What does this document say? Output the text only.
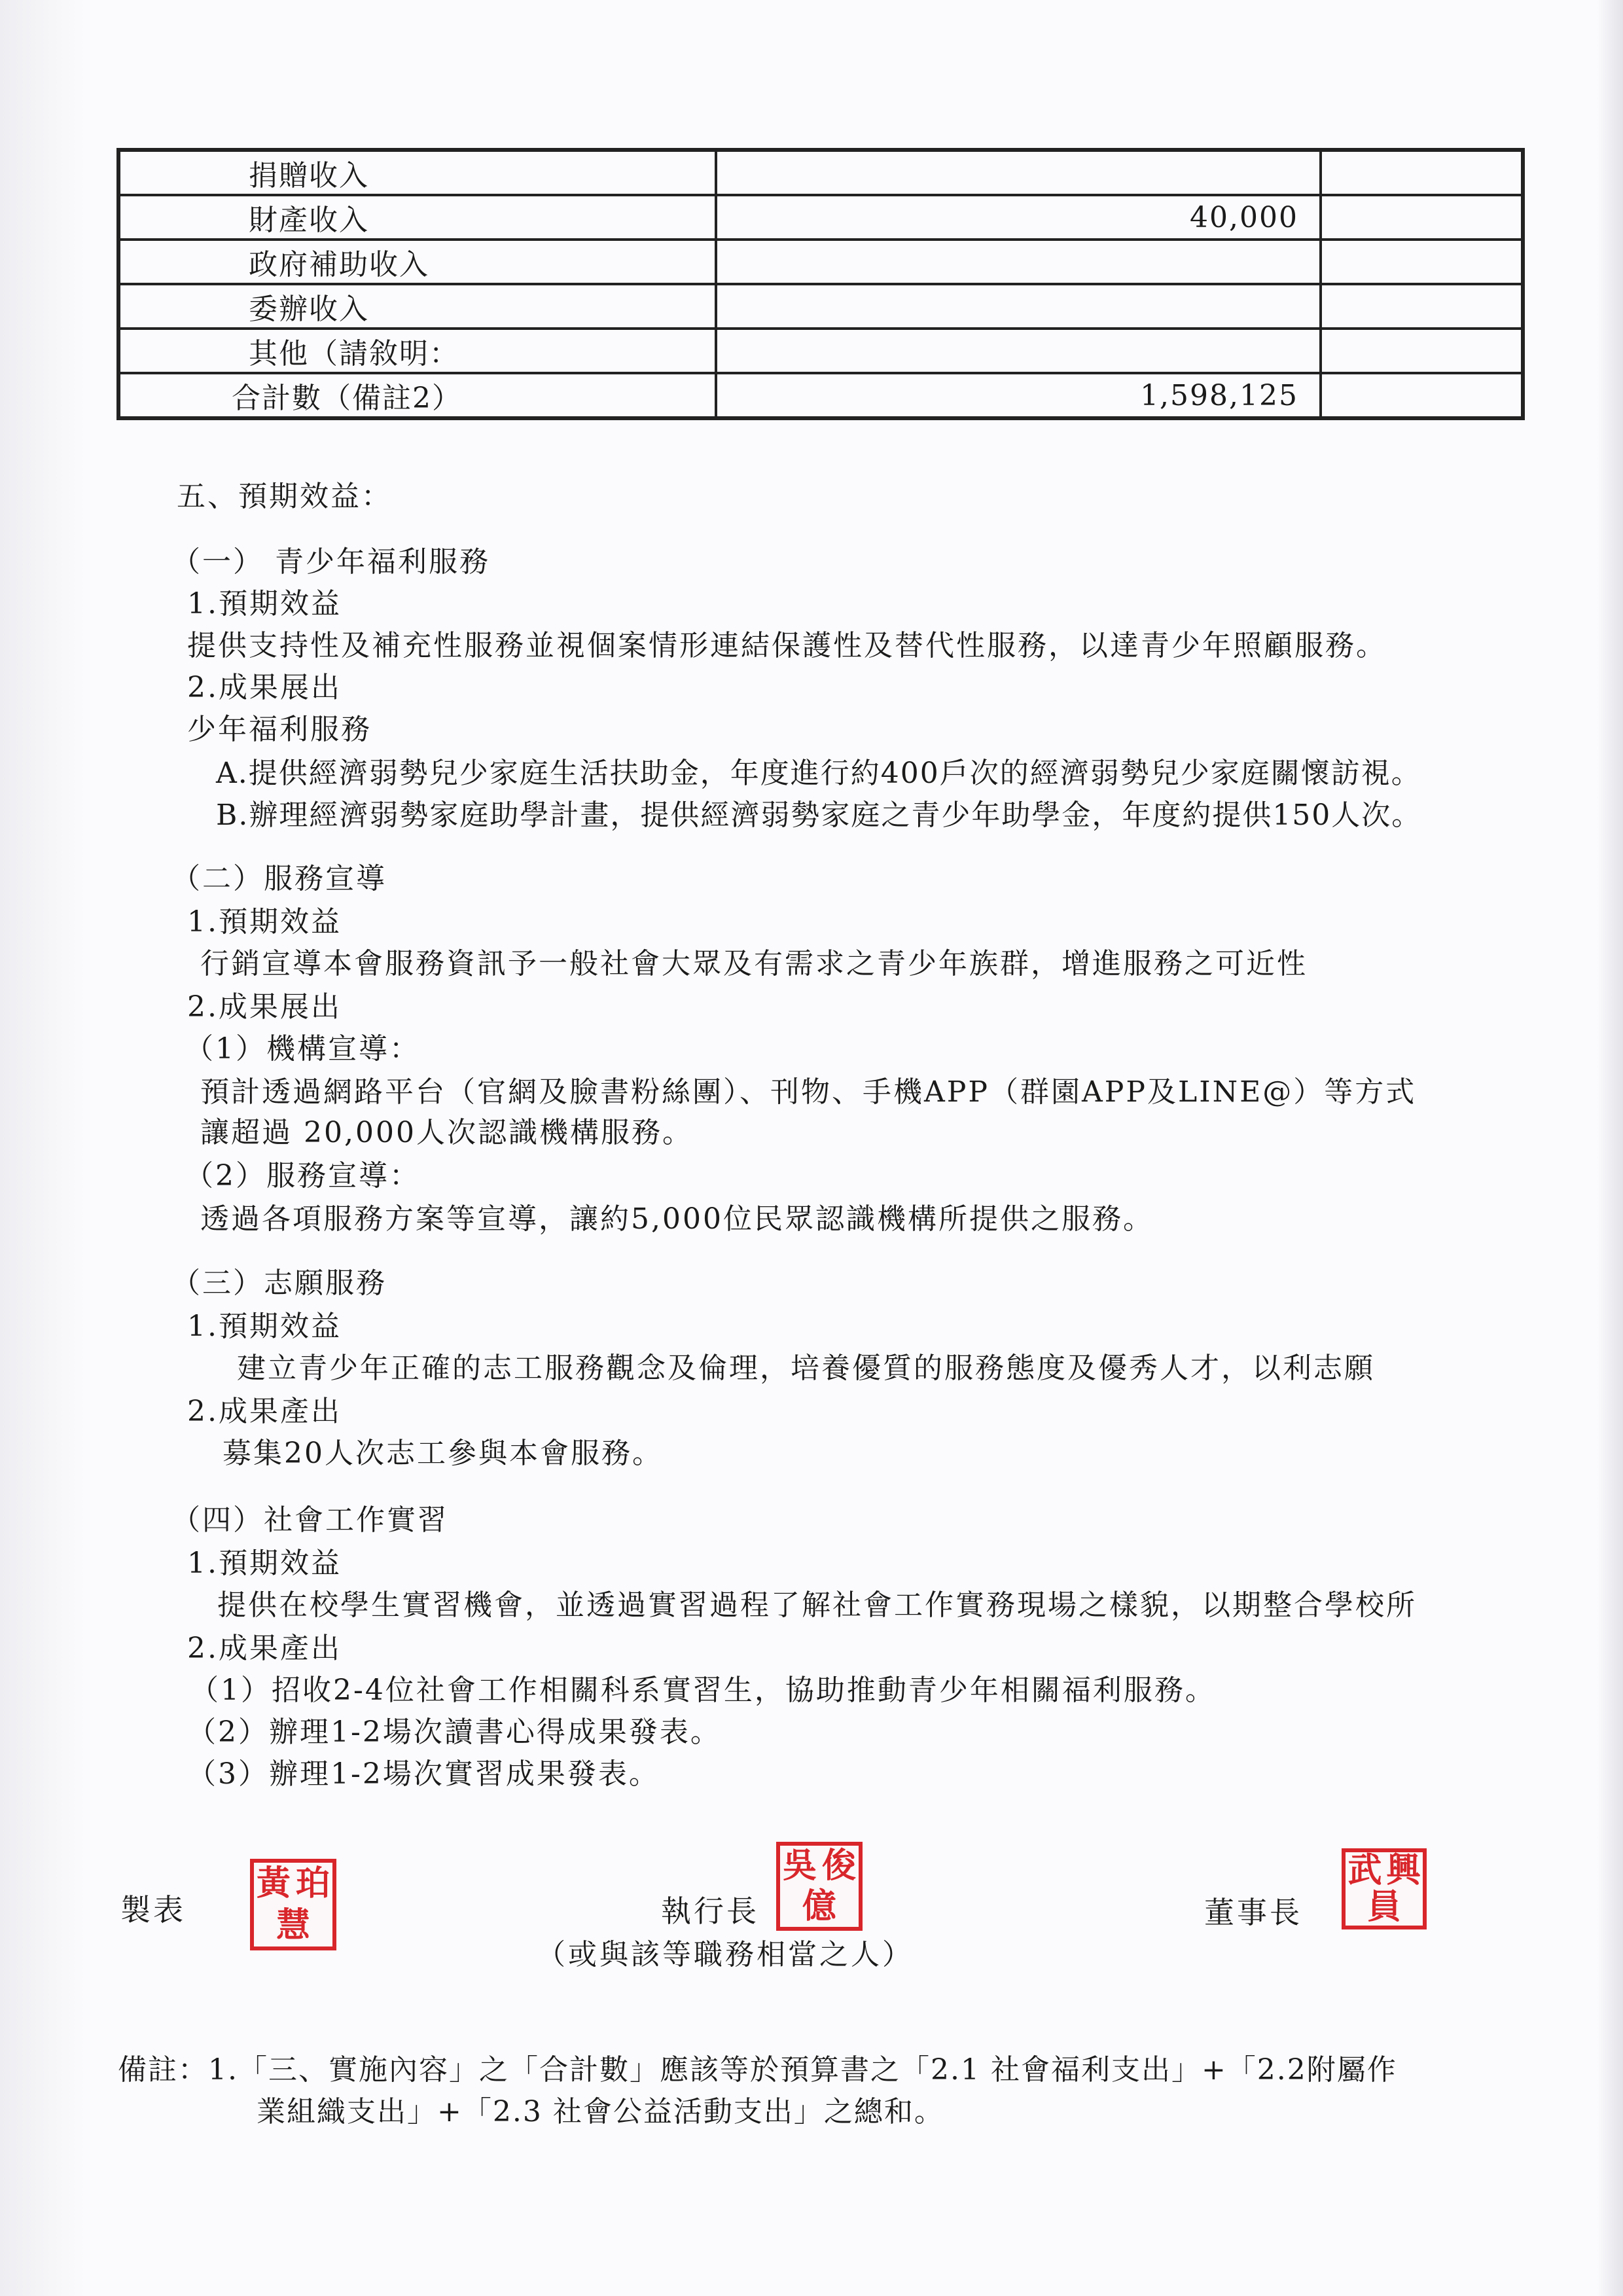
捐贈收入		
財產收入	40,000	
政府補助收入		
委辦收入		
其他（請敘明：		
合計數（備註2）	1,598,125	
五、預期效益：
（一） 青少年福利服務
1.預期效益
提供支持性及補充性服務並視個案情形連結保護性及替代性服務，以達青少年照顧服務。
2.成果展出
少年福利服務
A.提供經濟弱勢兒少家庭生活扶助金，年度進行約400戶次的經濟弱勢兒少家庭關懷訪視。
B.辦理經濟弱勢家庭助學計畫，提供經濟弱勢家庭之青少年助學金，年度約提供150人次。
（二）服務宣導
1.預期效益
行銷宣導本會服務資訊予一般社會大眾及有需求之青少年族群，增進服務之可近性
2.成果展出
（1）機構宣導：
預計透過網路平台（官網及臉書粉絲團）、刊物、手機APP（群園APP及LINE@）等方式
讓超過 20,000人次認識機構服務。
（2）服務宣導：
透過各項服務方案等宣導，讓約5,000位民眾認識機構所提供之服務。
（三）志願服務
1.預期效益
建立青少年正確的志工服務觀念及倫理，培養優質的服務態度及優秀人才，以利志願
2.成果產出
募集20人次志工參與本會服務。
（四）社會工作實習
1.預期效益
提供在校學生實習機會，並透過實習過程了解社會工作實務現場之樣貌，以期整合學校所
2.成果產出
（1）招收2-4位社會工作相關科系實習生，協助推動青少年相關福利服務。
（2）辦理1-2場次讀書心得成果發表。
（3）辦理1-2場次實習成果發表。
製表
黃 珀
慧	執行長
吳 俊
億
（或與該等職務相當之人）
董事長
武 興
員
備註：1.「三、實施內容」之「合計數」應該等於預算書之「2.1 社會福利支出」+「2.2附屬作
業組織支出」+「2.3 社會公益活動支出」之總和。
